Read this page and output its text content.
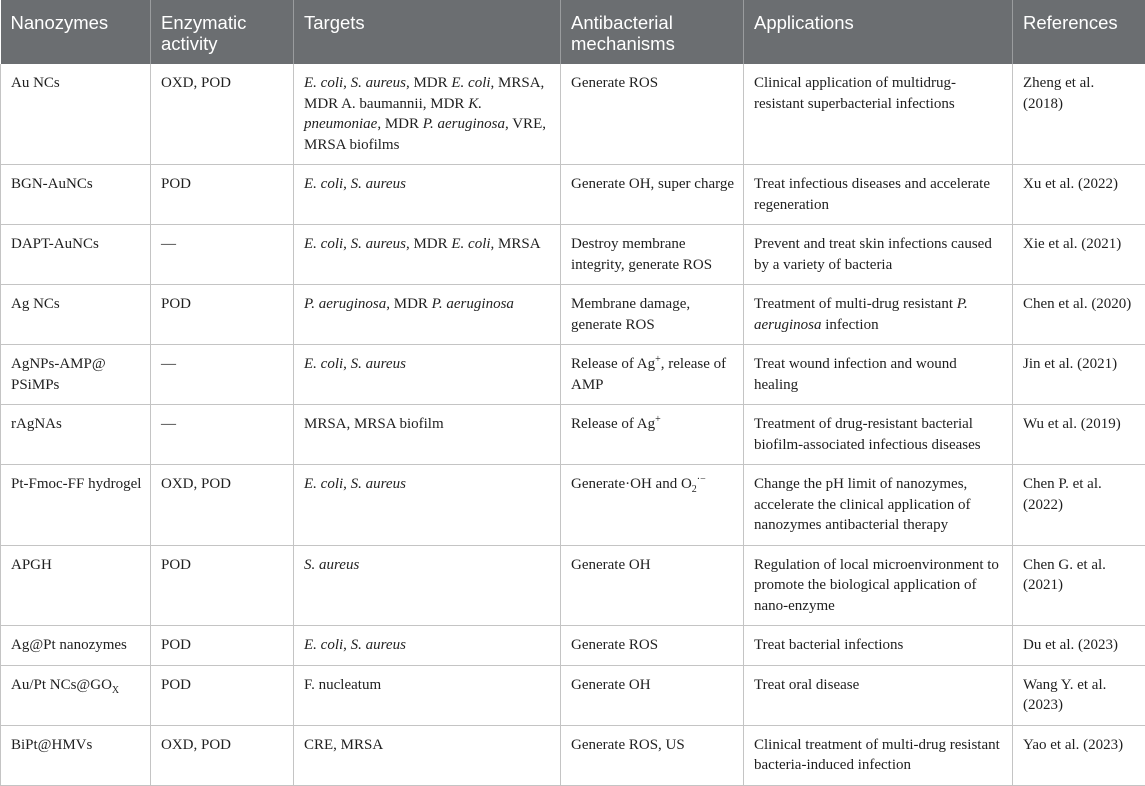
Nanozymes	Enzymatic activity	Targets	Antibacterial mechanisms	Applications	References
Au NCs	OXD, POD	E. coli, S. aureus, MDR E. coli, MRSA, MDR A. baumannii, MDR K. pneumoniae, MDR P. aeruginosa, VRE, MRSA biofilms	Generate ROS	Clinical application of multidrug-resistant superbacterial infections	Zheng et al. (2018)
BGN-AuNCs	POD	E. coli, S. aureus	Generate OH, super charge	Treat infectious diseases and accelerate regeneration	Xu et al. (2022)
DAPT-AuNCs	—	E. coli, S. aureus, MDR E. coli, MRSA	Destroy membrane integrity, generate ROS	Prevent and treat skin infections caused by a variety of bacteria	Xie et al. (2021)
Ag NCs	POD	P. aeruginosa, MDR P. aeruginosa	Membrane damage, generate ROS	Treatment of multi-drug resistant P. aeruginosa infection	Chen et al. (2020)
AgNPs-AMP@ PSiMPs	—	E. coli, S. aureus	Release of Ag+, release of AMP	Treat wound infection and wound healing	Jin et al. (2021)
rAgNAs	—	MRSA, MRSA biofilm	Release of Ag+	Treatment of drug-resistant bacterial biofilm-associated infectious diseases	Wu et al. (2019)
Pt-Fmoc-FF hydrogel	OXD, POD	E. coli, S. aureus	Generate·OH and $O_2^{\cdot-}$	Change the pH limit of nanozymes, accelerate the clinical application of nanozymes antibacterial therapy	Chen P. et al. (2022)
APGH	POD	S. aureus	Generate OH	Regulation of local microenvironment to promote the biological application of nano-enzyme	Chen G. et al. (2021)
Ag@Pt nanozymes	POD	E. coli, S. aureus	Generate ROS	Treat bacterial infections	Du et al. (2023)
Au/Pt $NCs@GO_X$	POD	F. nucleatum	Generate OH	Treat oral disease	Wang Y. et al. (2023)
BiPt@HMVs	OXD, POD	CRE, MRSA	Generate ROS, US	Clinical treatment of multi-drug resistant bacteria-induced infection	Yao et al. (2023)
